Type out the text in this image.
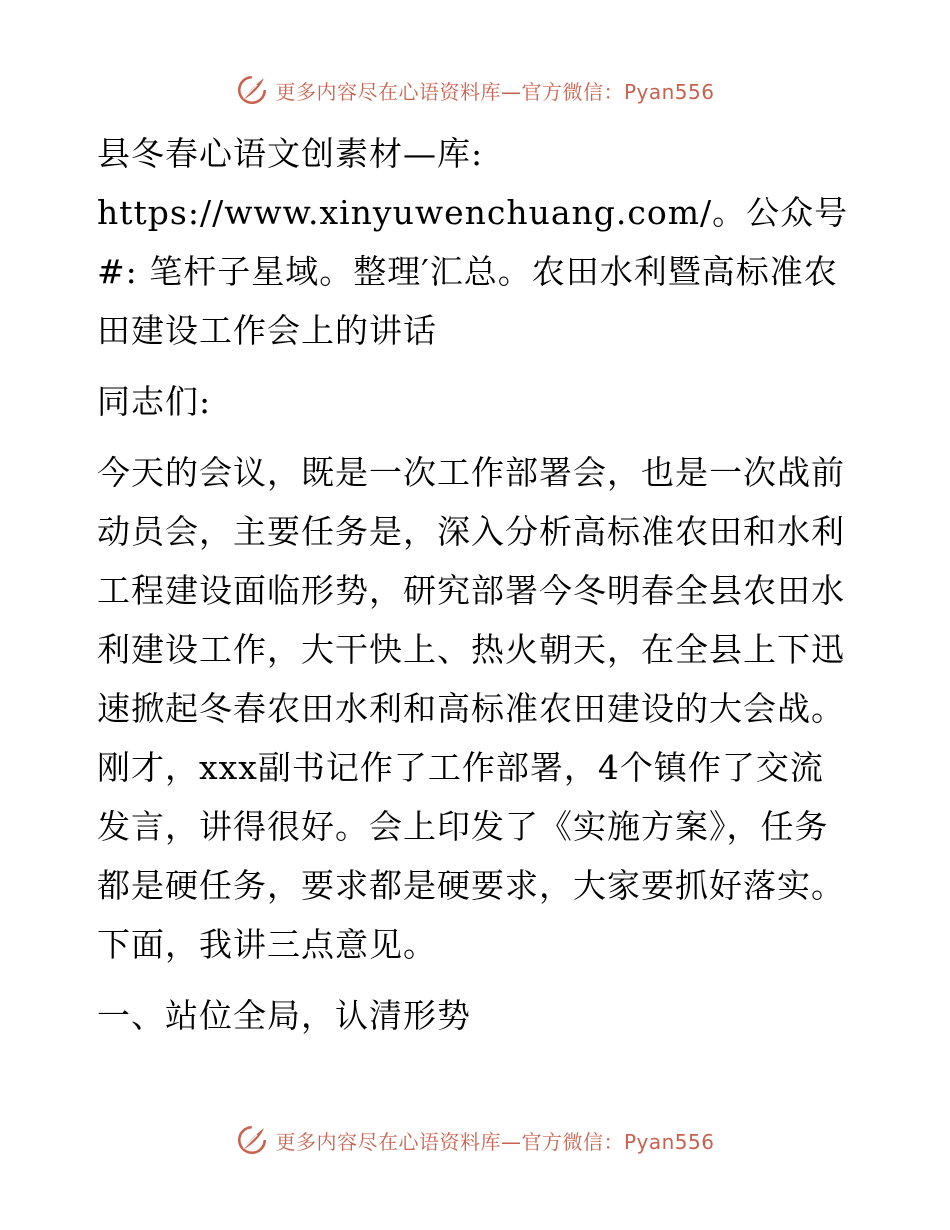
更多内容尽在心语资料库—官方微信：Pyan556

县冬春心语文创素材—库: https://www.xinyuwenchuang.com/。公众号#: 笔杆子星域。整理′汇总。农田水利暨高标准农田建设工作会上的讲话

同志们:

今天的会议，既是一次工作部署会，也是一次战前动员会，主要任务是，深入分析高标准农田和水利工程建设面临形势，研究部署今冬明春全县农田水利建设工作，大干快上、热火朝天，在全县上下迅速掀起冬春农田水利和高标准农田建设的大会战。刚才，xxx副书记作了工作部署，4个镇作了交流发言，讲得很好。会上印发了《实施方案》，任务都是硬任务，要求都是硬要求，大家要抓好落实。下面，我讲三点意见。

一、站位全局，认清形势

更多内容尽在心语资料库—官方微信：Pyan556
